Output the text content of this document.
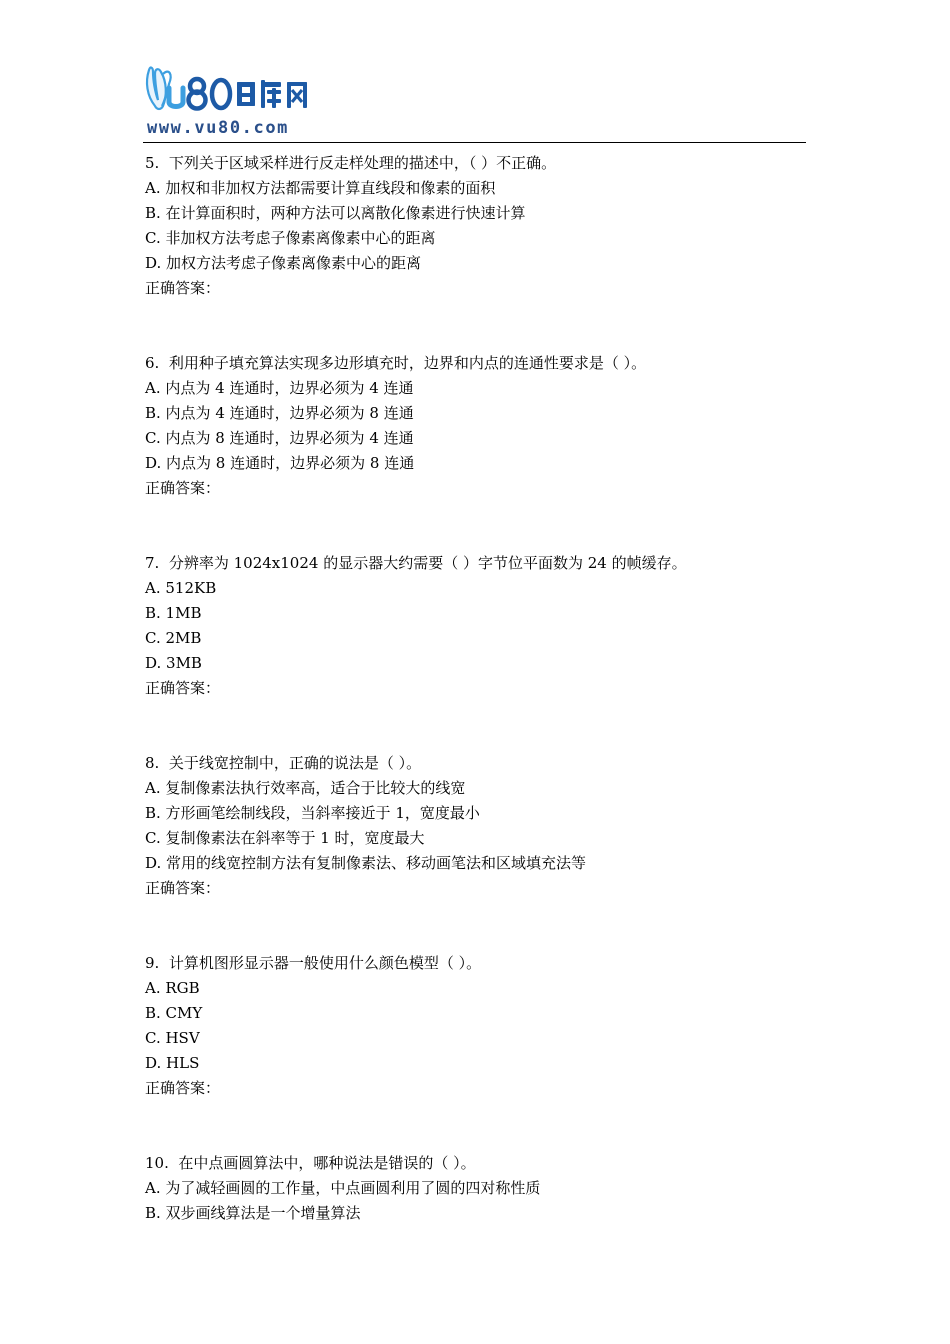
www.vu80.com
5. 下列关于区域采样进行反走样处理的描述中，（ ）不正确。
A. 加权和非加权方法都需要计算直线段和像素的面积
B. 在计算面积时，两种方法可以离散化像素进行快速计算
C. 非加权方法考虑子像素离像素中心的距离
D. 加权方法考虑子像素离像素中心的距离
正确答案：
6. 利用种子填充算法实现多边形填充时，边界和内点的连通性要求是（ ）。
A. 内点为 4 连通时，边界必须为 4 连通
B. 内点为 4 连通时，边界必须为 8 连通
C. 内点为 8 连通时，边界必须为 4 连通
D. 内点为 8 连通时，边界必须为 8 连通
正确答案：
7. 分辨率为 1024x1024 的显示器大约需要（ ）字节位平面数为 24 的帧缓存。
A. 512KB
B. 1MB
C. 2MB
D. 3MB
正确答案：
8. 关于线宽控制中，正确的说法是（ ）。
A. 复制像素法执行效率高，适合于比较大的线宽
B. 方形画笔绘制线段，当斜率接近于 1，宽度最小
C. 复制像素法在斜率等于 1 时，宽度最大
D. 常用的线宽控制方法有复制像素法、移动画笔法和区域填充法等
正确答案：
9. 计算机图形显示器一般使用什么颜色模型（ ）。
A. RGB
B. CMY
C. HSV
D. HLS
正确答案：
10. 在中点画圆算法中，哪种说法是错误的（ ）。
A. 为了减轻画圆的工作量，中点画圆利用了圆的四对称性质
B. 双步画线算法是一个增量算法
